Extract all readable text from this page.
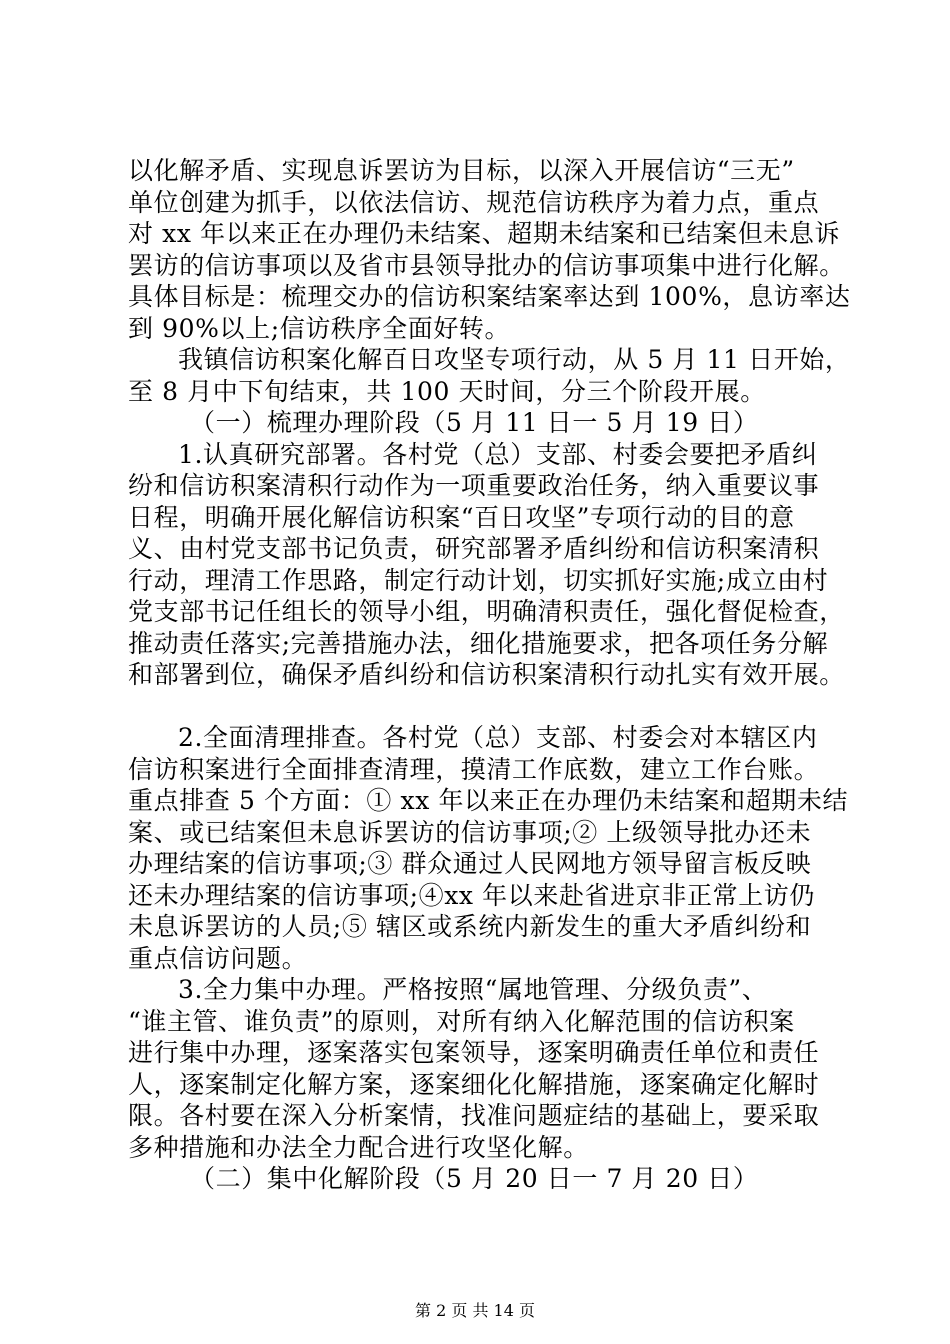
以化解矛盾、实现息诉罢访为目标，以深入开展信访“三无”
单位创建为抓手，以依法信访、规范信访秩序为着力点，重点
对 xx 年以来正在办理仍未结案、超期未结案和已结案但未息诉
罢访的信访事项以及省市县领导批办的信访事项集中进行化解。
具体目标是：梳理交办的信访积案结案率达到 100%，息访率达
到 90%以上;信访秩序全面好转。
我镇信访积案化解百日攻坚专项行动，从 5 月 11 日开始，
至 8 月中下旬结束，共 100 天时间，分三个阶段开展。
（一）梳理办理阶段（5 月 11 日一 5 月 19 日）
1.认真研究部署。各村党（总）支部、村委会要把矛盾纠
纷和信访积案清积行动作为一项重要政治任务，纳入重要议事
日程，明确开展化解信访积案“百日攻坚”专项行动的目的意
义、由村党支部书记负责，研究部署矛盾纠纷和信访积案清积
行动，理清工作思路，制定行动计划，切实抓好实施;成立由村
党支部书记任组长的领导小组，明确清积责任，强化督促检查，
推动责任落实;完善措施办法，细化措施要求，把各项任务分解
和部署到位，确保矛盾纠纷和信访积案清积行动扎实有效开展。
2.全面清理排查。各村党（总）支部、村委会对本辖区内
信访积案进行全面排查清理，摸清工作底数，建立工作台账。
重点排查 5 个方面：① xx 年以来正在办理仍未结案和超期未结
案、或已结案但未息诉罢访的信访事项;② 上级领导批办还未
办理结案的信访事项;③ 群众通过人民网地方领导留言板反映
还未办理结案的信访事项;④xx 年以来赴省进京非正常上访仍
未息诉罢访的人员;⑤ 辖区或系统内新发生的重大矛盾纠纷和
重点信访问题。
3.全力集中办理。严格按照“属地管理、分级负责”、
“谁主管、谁负责”的原则，对所有纳入化解范围的信访积案
进行集中办理，逐案落实包案领导，逐案明确责任单位和责任
人，逐案制定化解方案，逐案细化化解措施，逐案确定化解时
限。各村要在深入分析案情，找准问题症结的基础上，要采取
多种措施和办法全力配合进行攻坚化解。
（二）集中化解阶段（5 月 20 日一 7 月 20 日）
第 2 页 共 14 页
